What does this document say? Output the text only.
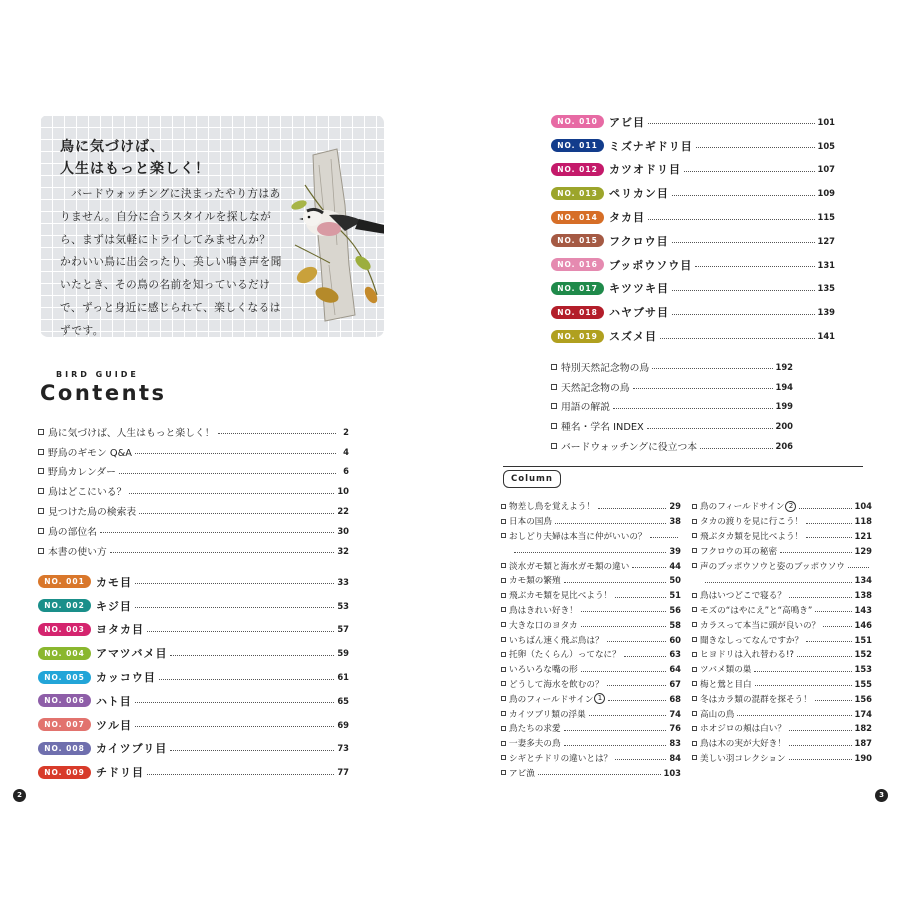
鳥に気づけば、
人生はもっと楽しく！
　バードウォッチングに決まったやり方はありません。自分に合うスタイルを探しながら、まずは気軽にトライしてみませんか？　かわいい鳥に出会ったり、美しい鳴き声を聞いたとき、その鳥の名前を知っているだけで、ずっと身近に感じられて、楽しくなるはずです。
BIRD GUIDE
Contents
鳥に気づけば、人生はもっと楽しく！	2
野鳥のギモン Q&A	4
野鳥カレンダー	6
鳥はどこにいる？	10
見つけた鳥の検索表	22
鳥の部位名	30
本書の使い方	32
NO. 001	カモ目	33
NO. 002	キジ目	53
NO. 003	ヨタカ目	57
NO. 004	アマツバメ目	59
NO. 005	カッコウ目	61
NO. 006	ハト目	65
NO. 007	ツル目	69
NO. 008	カイツブリ目	73
NO. 009	チドリ目	77
NO. 010	アビ目	101
NO. 011	ミズナギドリ目	105
NO. 012	カツオドリ目	107
NO. 013	ペリカン目	109
NO. 014	タカ目	115
NO. 015	フクロウ目	127
NO. 016	ブッポウソウ目	131
NO. 017	キツツキ目	135
NO. 018	ハヤブサ目	139
NO. 019	スズメ目	141
特別天然記念物の鳥	192
天然記念物の鳥	194
用語の解説	199
種名・学名 INDEX	200
バードウォッチングに役立つ本	206
Column
物差し鳥を覚えよう！	29
日本の国鳥	38
おしどり夫婦は本当に仲がいいの？
39
淡水ガモ類と海水ガモ類の違い	44
カモ類の繁殖	50
飛ぶカモ類を見比べよう！	51
鳥はきれい好き！	56
大きな口のヨタカ	58
いちばん速く飛ぶ鳥は？	60
托卵（たくらん）ってなに？	63
いろいろな嘴の形	64
どうして海水を飲むの？	67
鳥のフィールドサイン 1	68
カイツブリ類の浮巣	74
鳥たちの求愛	76
一妻多夫の鳥	83
シギとチドリの違いとは？	84
アビ漁	103
鳥のフィールドサイン 2	104
タカの渡りを見に行こう！	118
飛ぶタカ類を見比べよう！	121
フクロウの耳の秘密	129
声のブッポウソウと姿のブッポウソウ
134
鳥はいつどこで寝る？	138
モズの“はやにえ”と“高鳴き”	143
カラスって本当に頭が良いの？	146
聞きなしってなんですか？	151
ヒヨドリは入れ替わる!?	152
ツバメ類の巣	153
梅と鶯と目白	155
冬はカラ類の混群を探そう！	156
高山の鳥	174
ホオジロの頬は白い？	182
鳥は木の実が大好き！	187
美しい羽コレクション	190
2	3
